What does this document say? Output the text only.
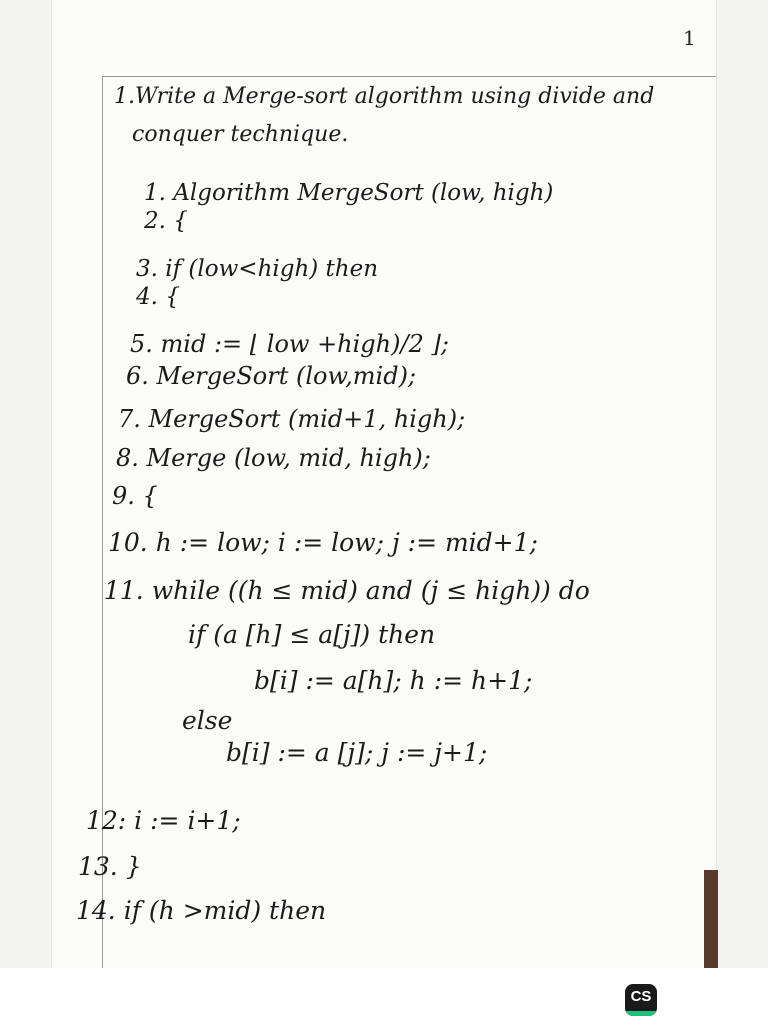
1
1.Write a Merge-sort algorithm using divide and
conquer technique.
1. Algorithm MergeSort (low, high)
2. {
3. if (low<high) then
4. {
5. mid := ⌊ low +high)/2 ⌋;
6. MergeSort (low,mid);
7. MergeSort (mid+1, high);
8. Merge (low, mid, high);
9. {
10. h := low; i := low; j := mid+1;
11. while ((h ≤ mid) and (j ≤ high)) do
if (a [h] ≤ a[j]) then
b[i] := a[h]; h := h+1;
else
b[i] := a [j]; j := j+1;
12: i := i+1;
13. }
14. if (h >mid) then
CS
